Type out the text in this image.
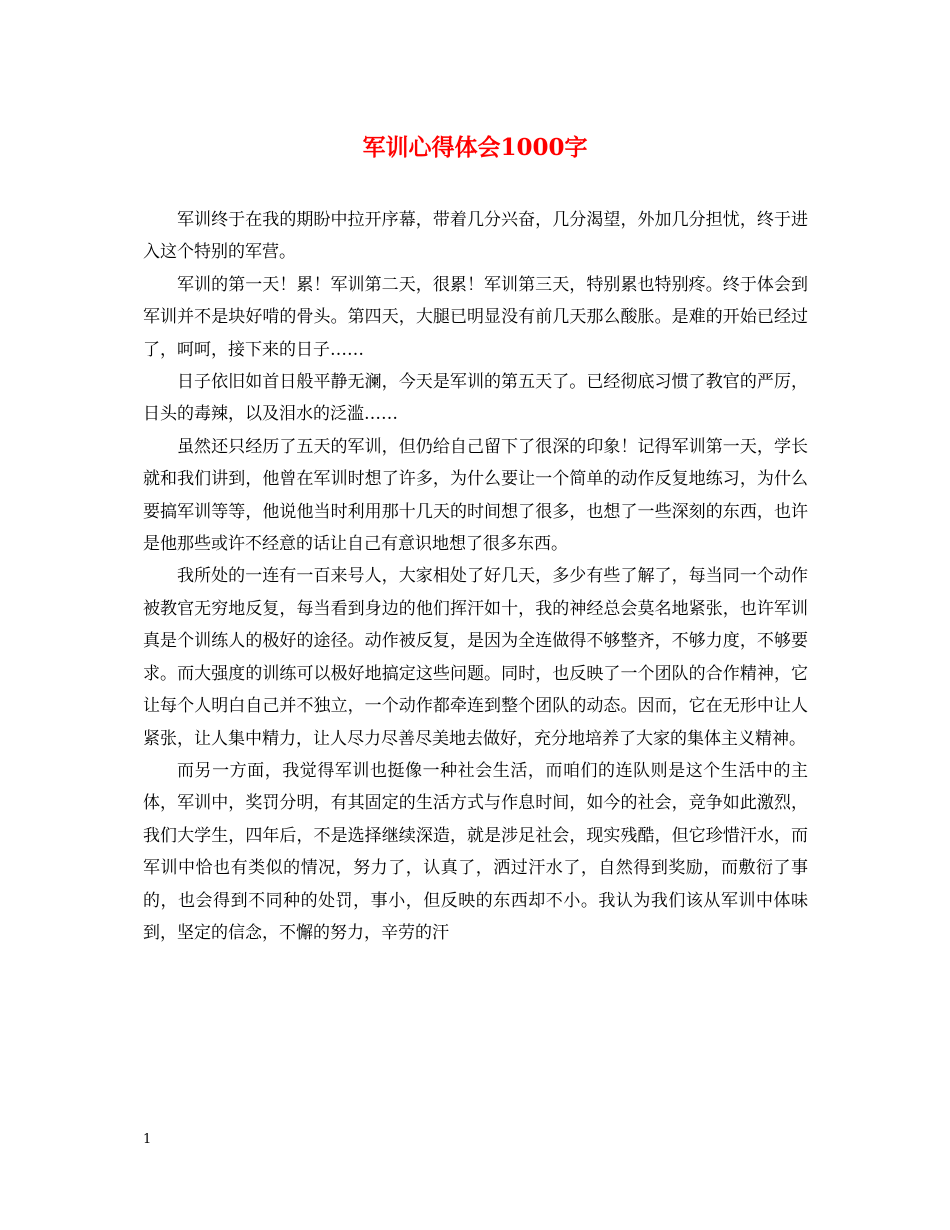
军训心得体会1000字

军训终于在我的期盼中拉开序幕，带着几分兴奋，几分渴望，外加几分担忧，终于进入这个特别的军营。

军训的第一天！累！军训第二天，很累！军训第三天，特别累也特别疼。终于体会到军训并不是块好啃的骨头。第四天，大腿已明显没有前几天那么酸胀。是难的开始已经过了，呵呵，接下来的日子……

日子依旧如首日般平静无澜，今天是军训的第五天了。已经彻底习惯了教官的严厉，日头的毒辣，以及泪水的泛滥……

虽然还只经历了五天的军训，但仍给自己留下了很深的印象！记得军训第一天，学长就和我们讲到，他曾在军训时想了许多，为什么要让一个简单的动作反复地练习，为什么要搞军训等等，他说他当时利用那十几天的时间想了很多，也想了一些深刻的东西，也许是他那些或许不经意的话让自己有意识地想了很多东西。

我所处的一连有一百来号人，大家相处了好几天，多少有些了解了，每当同一个动作被教官无穷地反复，每当看到身边的他们挥汗如十，我的神经总会莫名地紧张，也许军训真是个训练人的极好的途径。动作被反复，是因为全连做得不够整齐，不够力度，不够要求。而大强度的训练可以极好地搞定这些问题。同时，也反映了一个团队的合作精神，它让每个人明白自己并不独立，一个动作都牵连到整个团队的动态。因而，它在无形中让人紧张，让人集中精力，让人尽力尽善尽美地去做好，充分地培养了大家的集体主义精神。

而另一方面，我觉得军训也挺像一种社会生活，而咱们的连队则是这个生活中的主体，军训中，奖罚分明，有其固定的生活方式与作息时间，如今的社会，竞争如此激烈，我们大学生，四年后，不是选择继续深造，就是涉足社会，现实残酷，但它珍惜汗水，而军训中恰也有类似的情况，努力了，认真了，洒过汗水了，自然得到奖励，而敷衍了事的，也会得到不同种的处罚，事小，但反映的东西却不小。我认为我们该从军训中体味到，坚定的信念，不懈的努力，辛劳的汗

1
